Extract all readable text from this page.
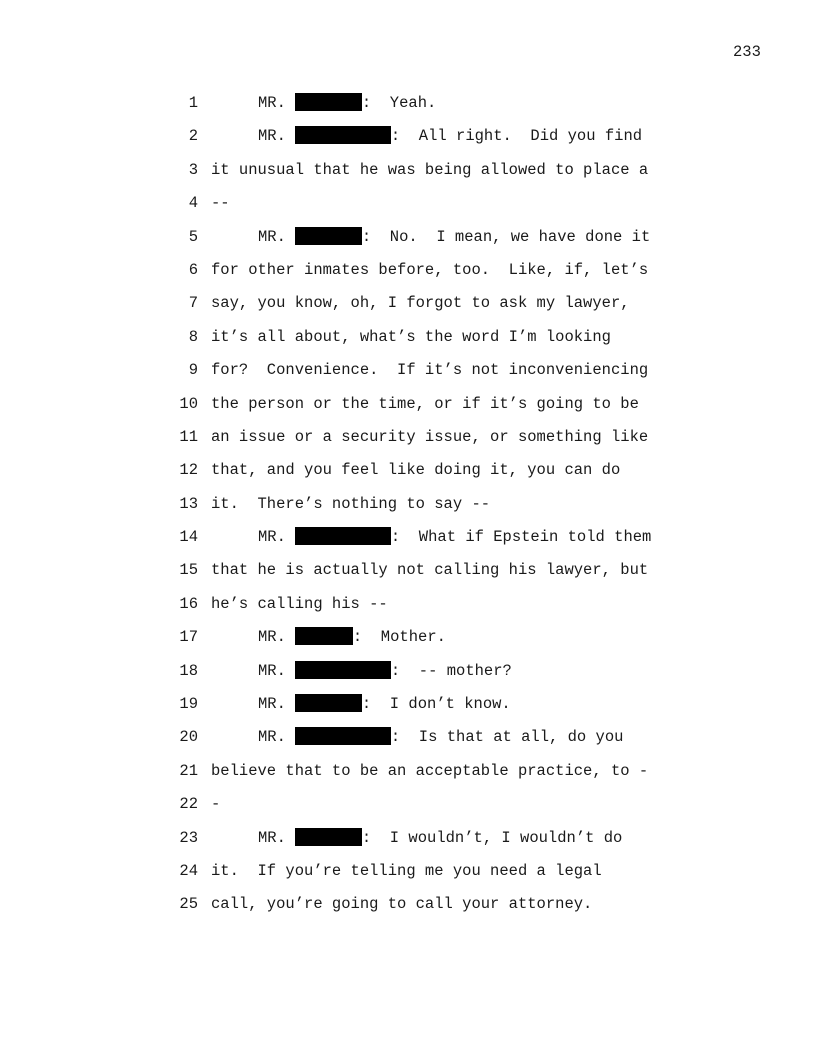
233
1	MR.	:  Yeah.
2	MR.	:  All right.  Did you find
3 it unusual that he was being allowed to place a
4 --
5	MR.	:  No.  I mean, we have done it
6 for other inmates before, too.  Like, if, let’s
7 say, you know, oh, I forgot to ask my lawyer,
8 it’s all about, what’s the word I’m looking
9 for?  Convenience.  If it’s not inconveniencing
10 the person or the time, or if it’s going to be
11 an issue or a security issue, or something like
12 that, and you feel like doing it, you can do
13 it.  There’s nothing to say --
14	MR.	:  What if Epstein told them
15 that he is actually not calling his lawyer, but
16 he’s calling his --
17	MR.	:  Mother.
18	MR.	:  -- mother?
19	MR.	:  I don’t know.
20	MR.	:  Is that at all, do you
21 believe that to be an acceptable practice, to -
22 -
23	MR.	:  I wouldn’t, I wouldn’t do
24 it.  If you’re telling me you need a legal
25 call, you’re going to call your attorney.
